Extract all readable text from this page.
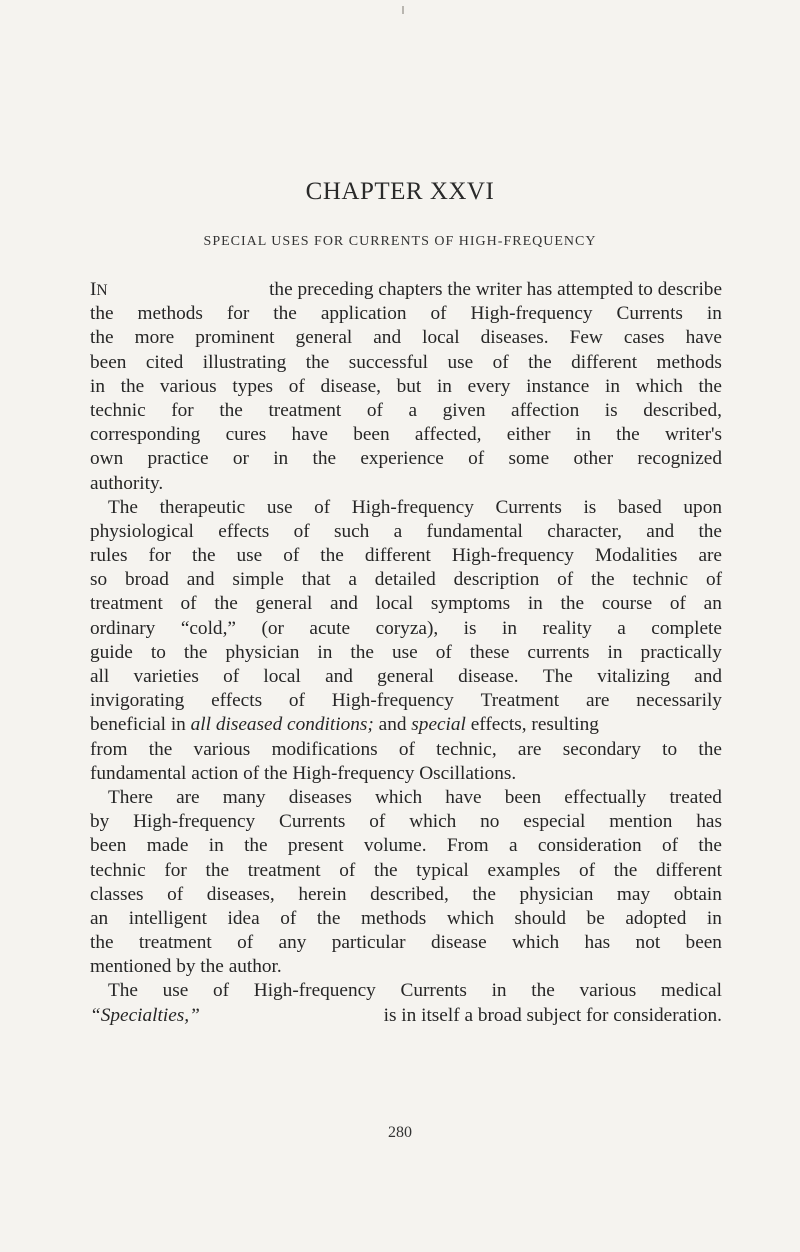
CHAPTER XXVI
SPECIAL USES FOR CURRENTS OF HIGH-FREQUENCY
IN	the preceding chapters the writer has attempted to describe
the methods for the application of High-frequency Currents in
the more prominent general and local diseases. Few cases have
been cited illustrating the successful use of the different methods
in the various types of disease, but in every instance in which the
technic for the treatment of a given affection is described,
corresponding cures have been affected, either in the writer's
own practice or in the experience of some other recognized
authority.
The therapeutic use of High-frequency Currents is based upon
physiological effects of such a fundamental character, and the
rules for the use of the different High-frequency Modalities are
so broad and simple that a detailed description of the technic of
treatment of the general and local symptoms in the course of an
ordinary “cold,” (or acute coryza), is in reality a complete
guide to the physician in the use of these currents in practically
all varieties of local and general disease. The vitalizing and
invigorating effects of High-frequency Treatment are necessarily
beneficial in all diseased conditions; and special effects, resulting
from the various modifications of technic, are secondary to the
fundamental action of the High-frequency Oscillations.
There are many diseases which have been effectually treated
by High-frequency Currents of which no especial mention has
been made in the present volume. From a consideration of the
technic for the treatment of the typical examples of the different
classes of diseases, herein described, the physician may obtain
an intelligent idea of the methods which should be adopted in
the treatment of any particular disease which has not been
mentioned by the author.
The use of High-frequency Currents in the various medical
“Specialties,”	is in itself a broad subject for consideration.
280
